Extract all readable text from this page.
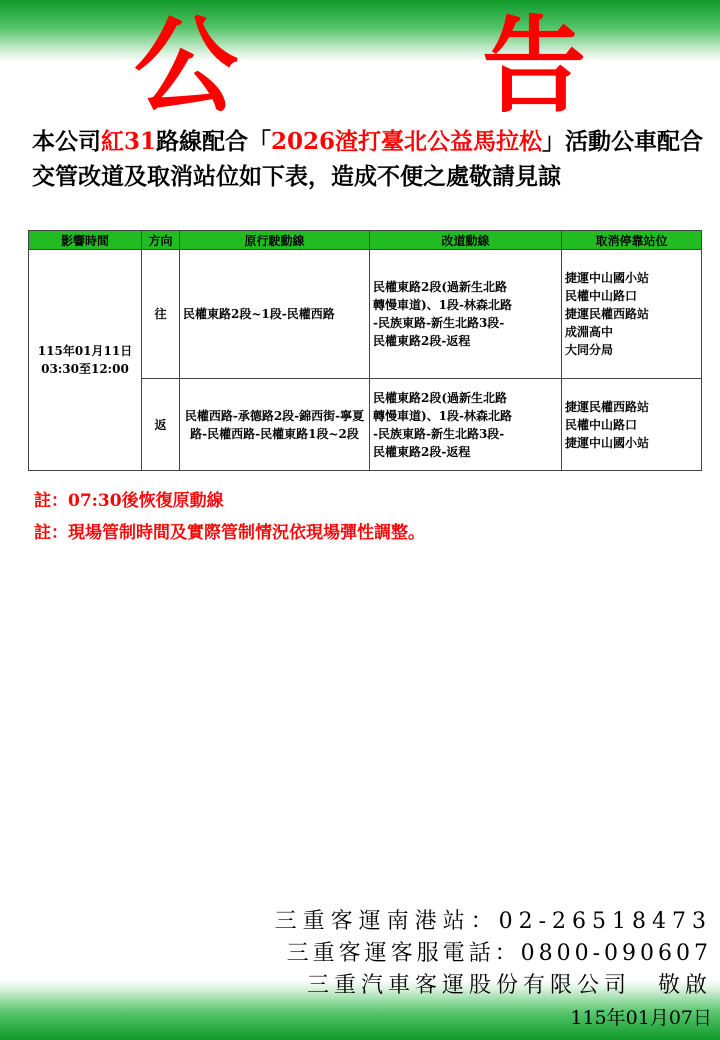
公　告
本公司紅31路線配合「2026渣打臺北公益馬拉松」活動公車配合交管改道及取消站位如下表，造成不便之處敬請見諒
影響時間	方向	原行駛動線	改道動線	取消停靠站位

115年01月11日
03:30至12:00	往	民權東路2段~1段-民權西路	民權東路2段(過新生北路
轉慢車道)、1段-林森北路
-民族東路-新生北路3段-
民權東路2段-返程	捷運中山國小站
民權中山路口
捷運民權西路站
成淵高中
大同分局

	返	民權西路-承德路2段-錦西街-寧夏路-民權西路-民權東路1段~2段	民權東路2段(過新生北路
轉慢車道)、1段-林森北路
-民族東路-新生北路3段-
民權東路2段-返程	捷運民權西路站
民權中山路口
捷運中山國小站
註：07:30後恢復原動線
註：現場管制時間及實際管制情況依現場彈性調整。
三重客運南港站：02-26518473
三重客運客服電話：0800-090607
三重汽車客運股份有限公司　敬啟
115年01月07日
